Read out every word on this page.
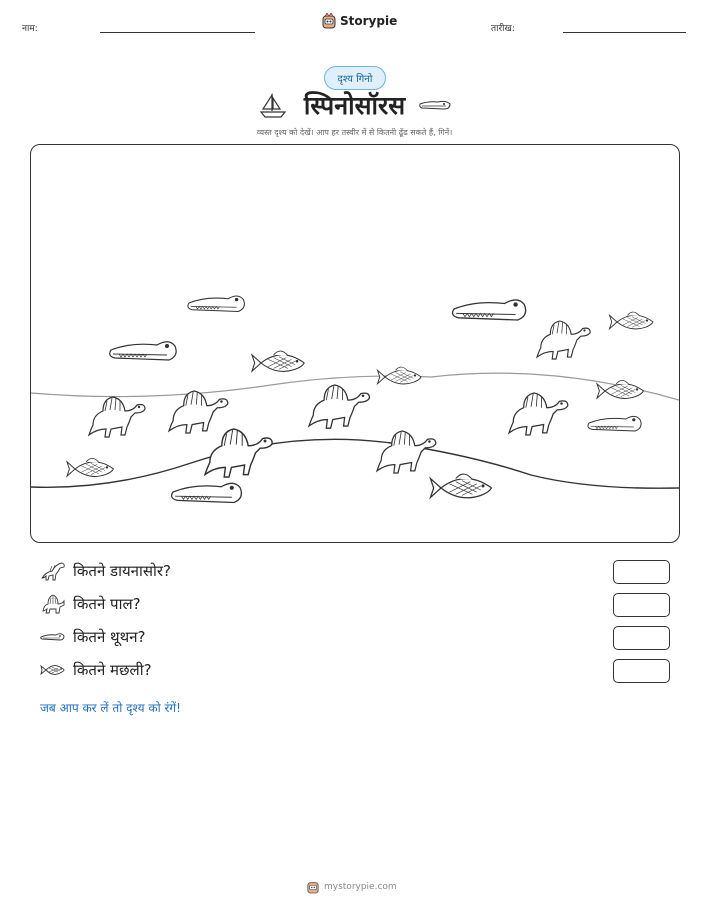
नाम:
Storypie
तारीख:
दृश्य गिनो
स्पिनोसॉरस
व्यस्त दृश्य को देखें। आप हर तस्वीर में से कितनी ढूँढ सकते हैं, गिनें।
कितने डायनासोर?
कितने पाल?
कितने थूथन?
कितने मछली?
जब आप कर लें तो दृश्य को रंगें!
mystorypie.com
